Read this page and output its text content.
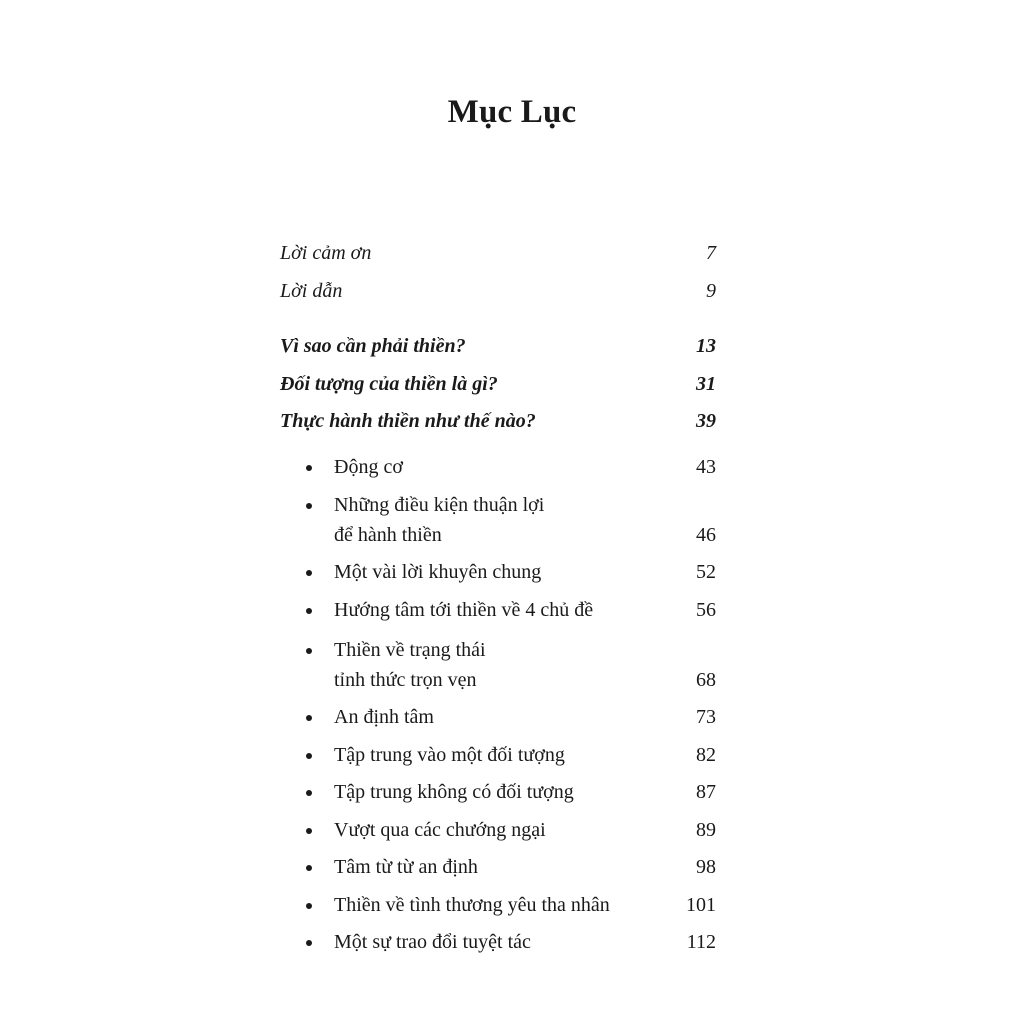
Mục Lục
Lời cảm ơn	7
Lời dẫn	9
Vì sao cần phải thiền?	13
Đối tượng của thiền là gì?	31
Thực hành thiền như thế nào?	39
Động cơ	43
Những điều kiện thuận lợi
để hành thiền	46
Một vài lời khuyên chung	52
Hướng tâm tới thiền về 4 chủ đề	56
Thiền về trạng thái
tỉnh thức trọn vẹn	68
An định tâm	73
Tập trung vào một đối tượng	82
Tập trung không có đối tượng	87
Vượt qua các chướng ngại	89
Tâm từ từ an định	98
Thiền về tình thương yêu tha nhân	101
Một sự trao đổi tuyệt tác	112
